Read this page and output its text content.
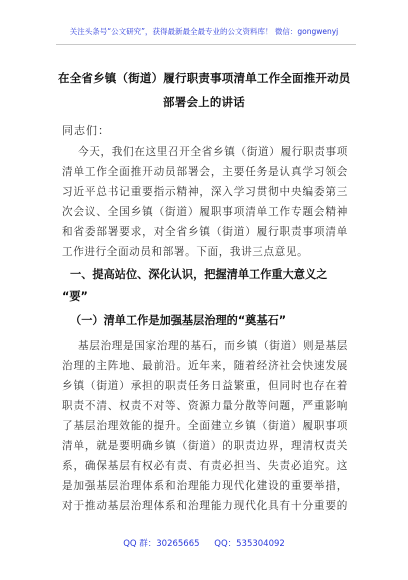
关注头条号“公文研究”，获得最新最全最专业的公文资料库！ 微信：gongwenyj
在全省乡镇（街道）履行职责事项清单工作全面推开动员
部署会上的讲话
同志们：
今天，我们在这里召开全省乡镇（街道）履行职责事项
清单工作全面推开动员部署会，主要任务是认真学习领会
习近平总书记重要指示精神，深入学习贯彻中央编委第三
次会议、全国乡镇（街道）履职事项清单工作专题会精神
和省委部署要求，对全省乡镇（街道）履行职责事项清单
工作进行全面动员和部署。下面，我讲三点意见。
一、提高站位、深化认识，把握清单工作重大意义之
“要”
（一）清单工作是加强基层治理的“奠基石”
基层治理是国家治理的基石，而乡镇（街道）则是基层
治理的主阵地、最前沿。近年来，随着经济社会快速发展
乡镇（街道）承担的职责任务日益繁重，但同时也存在着
职责不清、权责不对等、资源力量分散等问题，严重影响
了基层治理效能的提升。全面建立乡镇（街道）履职事项
清单，就是要明确乡镇（街道）的职责边界，理清权责关
系，确保基层有权必有责、有责必担当、失责必追究。这
是加强基层治理体系和治理能力现代化建设的重要举措，
对于推动基层治理体系和治理能力现代化具有十分重要的
QQ 群：30265665 QQ：535304092
